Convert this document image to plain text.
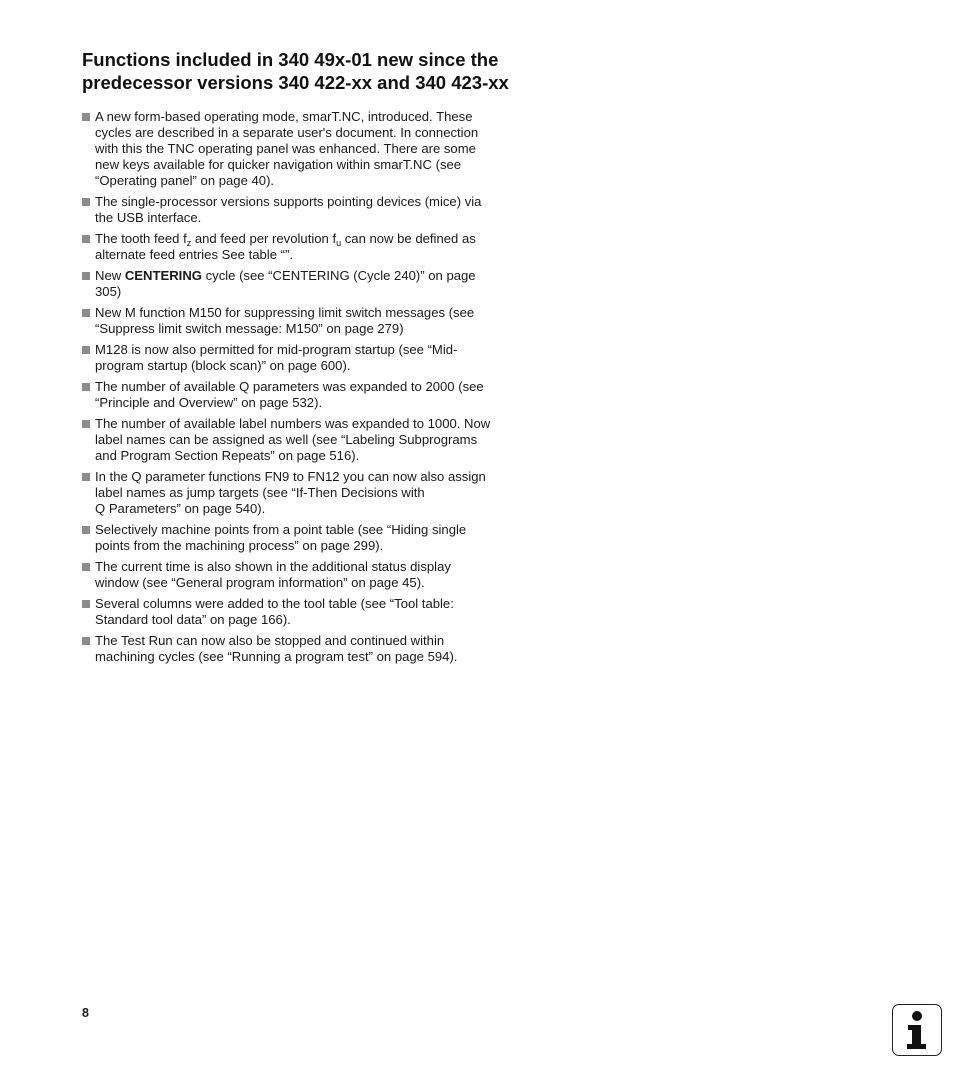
Functions included in 340 49x-01 new since the
predecessor versions 340 422-xx and 340 423-xx
A new form-based operating mode, smarT.NC, introduced. These
cycles are described in a separate user's document. In connection
with this the TNC operating panel was enhanced. There are some
new keys available for quicker navigation within smarT.NC (see
“Operating panel” on page 40).
The single-processor versions supports pointing devices (mice) via
the USB interface.
The tooth feed $f_z$ and feed per revolution $f_u$ can now be defined as
alternate feed entries See table “”.
New CENTERING cycle (see “CENTERING (Cycle 240)” on page
305)
New M function M150 for suppressing limit switch messages (see
“Suppress limit switch message: M150” on page 279)
M128 is now also permitted for mid-program startup (see “Mid-
program startup (block scan)” on page 600).
The number of available Q parameters was expanded to 2000 (see
“Principle and Overview” on page 532).
The number of available label numbers was expanded to 1000. Now
label names can be assigned as well (see “Labeling Subprograms
and Program Section Repeats” on page 516).
In the Q parameter functions FN9 to FN12 you can now also assign
label names as jump targets (see “If-Then Decisions with
Q Parameters” on page 540).
Selectively machine points from a point table (see “Hiding single
points from the machining process” on page 299).
The current time is also shown in the additional status display
window (see “General program information” on page 45).
Several columns were added to the tool table (see “Tool table:
Standard tool data” on page 166).
The Test Run can now also be stopped and continued within
machining cycles (see “Running a program test” on page 594).
8
